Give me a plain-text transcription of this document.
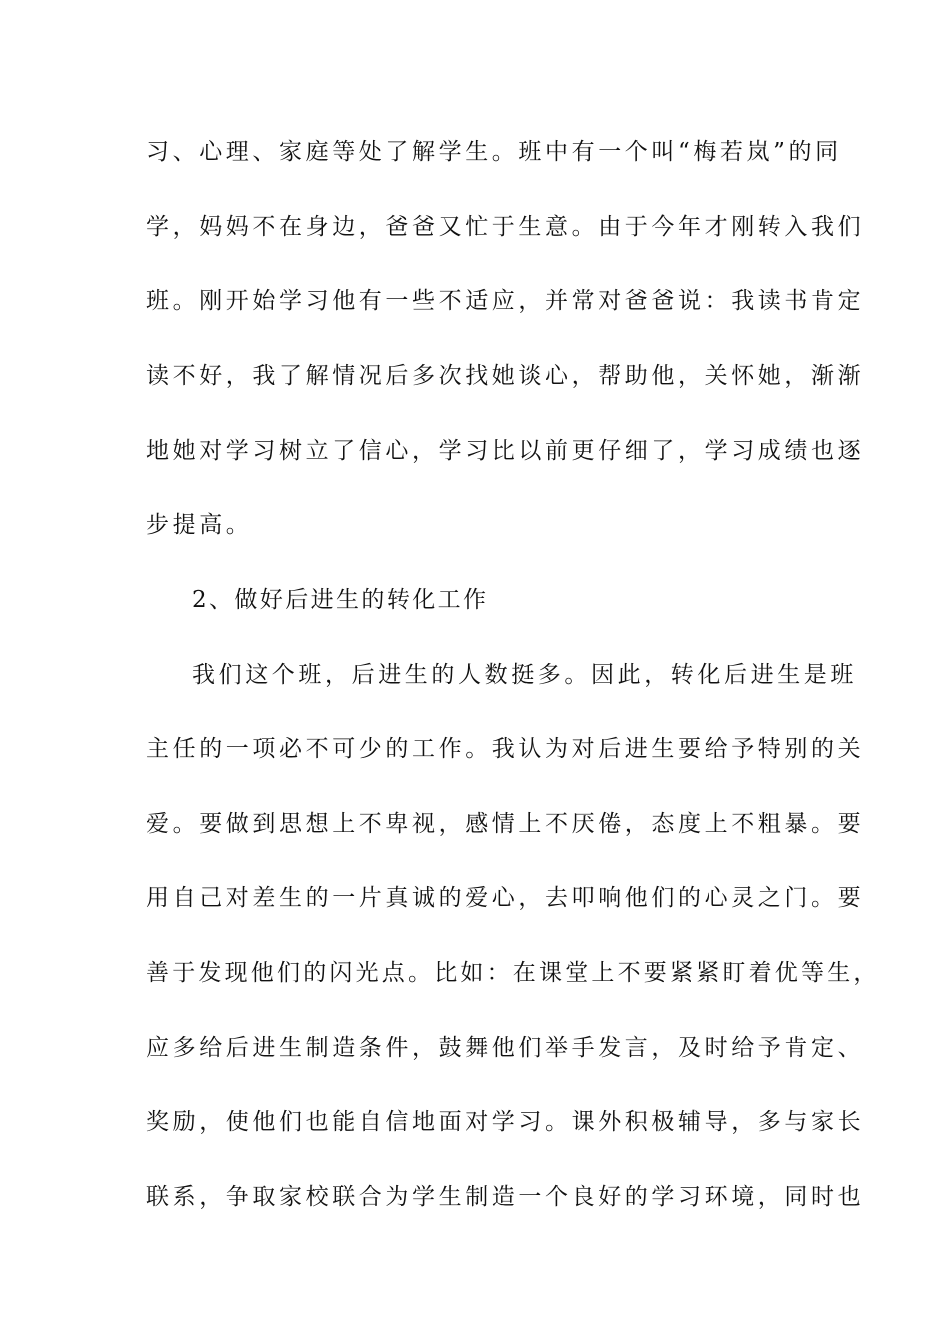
习、心理、家庭等处了解学生。班中有一个叫“梅若岚”的同
学，妈妈不在身边，爸爸又忙于生意。由于今年才刚转入我们
班。刚开始学习他有一些不适应，并常对爸爸说：我读书肯定
读不好，我了解情况后多次找她谈心，帮助他，关怀她，渐渐
地她对学习树立了信心，学习比以前更仔细了，学习成绩也逐
步提高。
2、做好后进生的转化工作
我们这个班，后进生的人数挺多。因此，转化后进生是班
主任的一项必不可少的工作。我认为对后进生要给予特别的关
爱。要做到思想上不卑视，感情上不厌倦，态度上不粗暴。要
用自己对差生的一片真诚的爱心，去叩响他们的心灵之门。要
善于发现他们的闪光点。比如：在课堂上不要紧紧盯着优等生，
应多给后进生制造条件，鼓舞他们举手发言，及时给予肯定、
奖励，使他们也能自信地面对学习。课外积极辅导，多与家长
联系，争取家校联合为学生制造一个良好的学习环境，同时也
